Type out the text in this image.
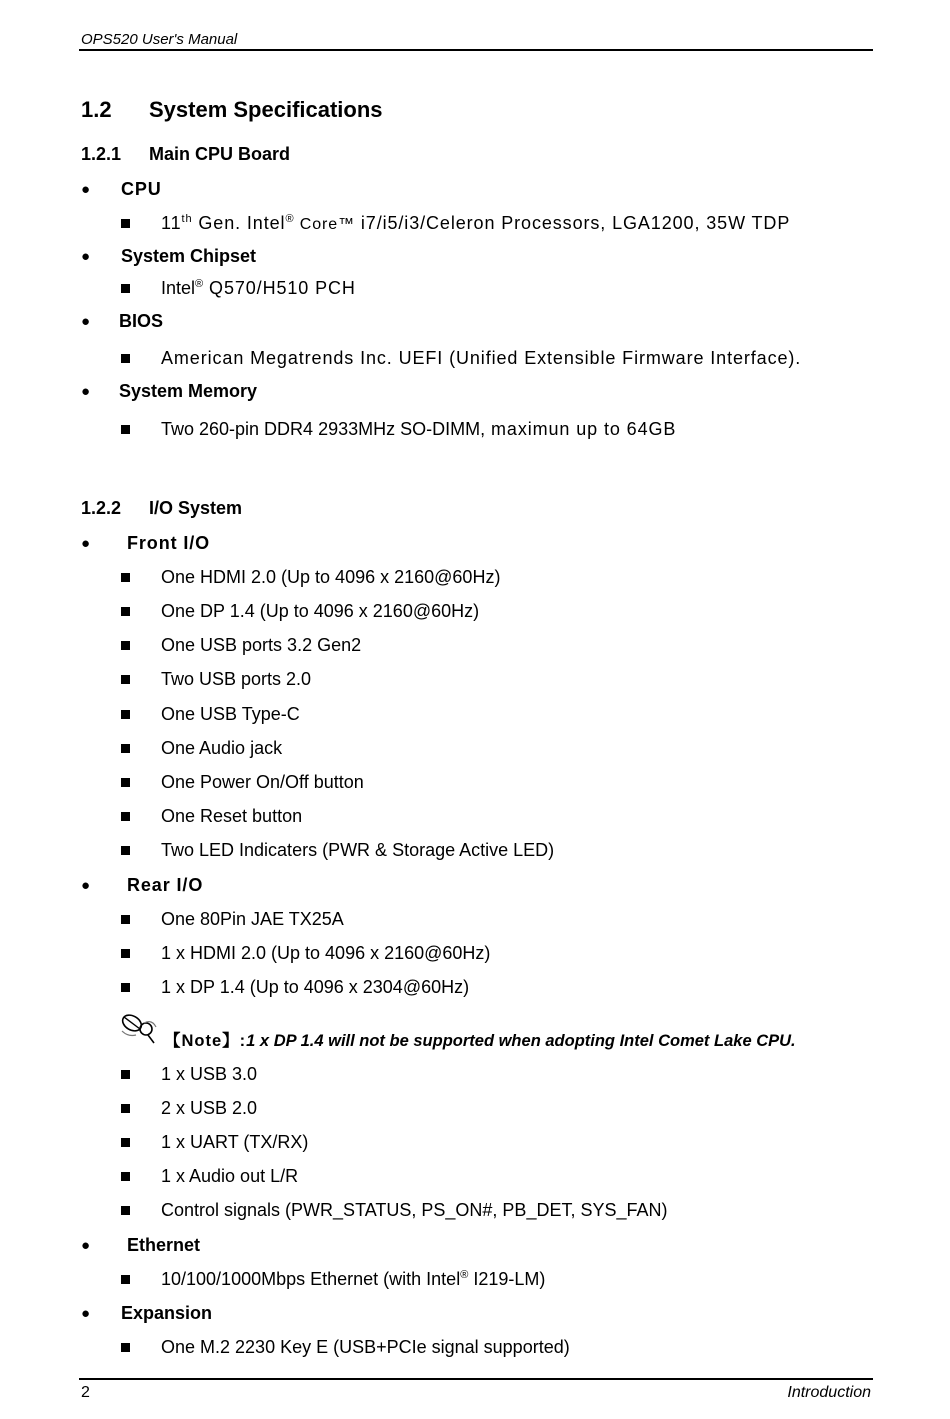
OPS520 User's Manual
1.2 System Specifications
1.2.1 Main CPU Board
● CPU
11th Gen. Intel® Core™ i7/i5/i3/Celeron Processors, LGA1200, 35W TDP
● System Chipset
Intel® Q570/H510 PCH
● BIOS
American Megatrends Inc. UEFI (Unified Extensible Firmware Interface).
● System Memory
Two 260-pin DDR4 2933MHz SO-DIMM, maximun up to 64GB
1.2.2 I/O System
● Front I/O
One HDMI 2.0 (Up to 4096 x 2160@60Hz)
One DP 1.4 (Up to 4096 x 2160@60Hz)
One USB ports 3.2 Gen2
Two USB ports 2.0
One USB Type-C
One Audio jack
One Power On/Off button
One Reset button
Two LED Indicaters (PWR & Storage Active LED)
● Rear I/O
One 80Pin JAE TX25A
1 x HDMI 2.0 (Up to 4096 x 2160@60Hz)
1 x DP 1.4 (Up to 4096 x 2304@60Hz)
【Note】:1 x DP 1.4 will not be supported when adopting Intel Comet Lake CPU.
1 x USB 3.0
2 x USB 2.0
1 x UART (TX/RX)
1 x Audio out L/R
Control signals (PWR_STATUS, PS_ON#, PB_DET, SYS_FAN)
● Ethernet
10/100/1000Mbps Ethernet (with Intel® I219-LM)
● Expansion
One M.2 2230 Key E (USB+PCIe signal supported)
2	Introduction
